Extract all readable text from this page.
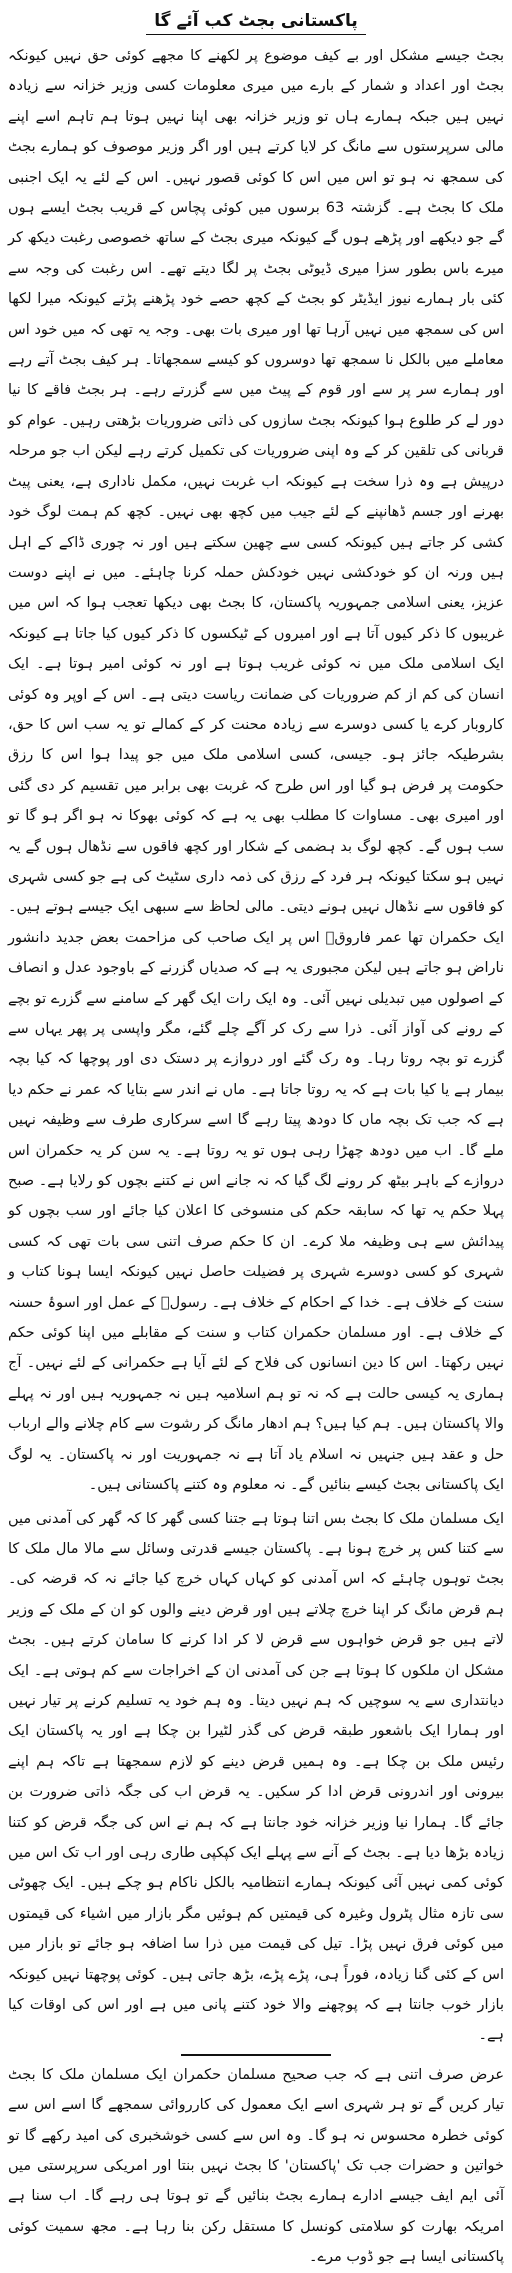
پاکستانی بجٹ کب آئے گا

بجٹ جیسے مشکل اور بے کیف موضوع پر لکھنے کا مجھے کوئی حق نہیں کیونکہ بجٹ اور اعداد و شمار کے بارے میں میری معلومات کسی وزیر خزانہ سے زیادہ نہیں ہیں جبکہ ہمارے ہاں تو وزیر خزانہ بھی اپنا نہیں ہوتا ہم تاہم اسے اپنے مالی سرپرستوں سے مانگ کر لایا کرتے ہیں اور اگر وزیر موصوف کو ہمارے بجٹ کی سمجھ نہ ہو تو اس میں اس کا کوئی قصور نہیں۔ اس کے لئے یہ ایک اجنبی ملک کا بجٹ ہے۔ گزشتہ 63 برسوں میں کوئی پچاس کے قریب بجٹ ایسے ہوں گے جو دیکھے اور پڑھے ہوں گے کیونکہ میری بجٹ کے ساتھ خصوصی رغبت دیکھ کر میرے باس بطور سزا میری ڈیوٹی بجٹ پر لگا دیتے تھے۔ اس رغبت کی وجہ سے کئی بار ہمارے نیوز ایڈیٹر کو بجٹ کے کچھ حصے خود پڑھنے پڑتے کیونکہ میرا لکھا اس کی سمجھ میں نہیں آرہا تھا اور میری بات بھی۔ وجہ یہ تھی کہ میں خود اس معاملے میں بالکل نا سمجھ تھا دوسروں کو کیسے سمجھاتا۔ ہر کیف بجٹ آتے رہے اور ہمارے سر پر سے اور قوم کے پیٹ میں سے گزرتے رہے۔ ہر بجٹ فاقے کا نیا دور لے کر طلوع ہوا کیونکہ بجٹ سازوں کی ذاتی ضروریات بڑھتی رہیں۔ عوام کو قربانی کی تلقین کر کے وہ اپنی ضروریات کی تکمیل کرتے رہے لیکن اب جو مرحلہ درپیش ہے وہ ذرا سخت ہے کیونکہ اب غربت نہیں، مکمل ناداری ہے، یعنی پیٹ بھرنے اور جسم ڈھانپنے کے لئے جیب میں کچھ بھی نہیں۔ کچھ کم ہمت لوگ خود کشی کر جاتے ہیں کیونکہ کسی سے چھین سکتے ہیں اور نہ چوری ڈاکے کے اہل ہیں ورنہ ان کو خودکشی نہیں خودکش حملہ کرنا چاہئے۔ میں نے اپنے دوست عزیز، یعنی اسلامی جمہوریہ پاکستان، کا بجٹ بھی دیکھا تعجب ہوا کہ اس میں غریبوں کا ذکر کیوں آتا ہے اور امیروں کے ٹیکسوں کا ذکر کیوں کیا جاتا ہے کیونکہ ایک اسلامی ملک میں نہ کوئی غریب ہوتا ہے اور نہ کوئی امیر ہوتا ہے۔ ایک انسان کی کم از کم ضروریات کی ضمانت ریاست دیتی ہے۔ اس کے اوپر وہ کوئی کاروبار کرے یا کسی دوسرے سے زیادہ محنت کر کے کمالے تو یہ سب اس کا حق، بشرطیکہ جائز ہو۔ جیسی، کسی اسلامی ملک میں جو پیدا ہوا اس کا رزق حکومت پر فرض ہو گیا اور اس طرح کہ غربت بھی برابر میں تقسیم کر دی گئی اور امیری بھی۔ مساوات کا مطلب بھی یہ ہے کہ کوئی بھوکا نہ ہو اگر ہو گا تو سب ہوں گے۔ کچھ لوگ بد ہضمی کے شکار اور کچھ فاقوں سے نڈھال ہوں گے یہ نہیں ہو سکتا کیونکہ ہر فرد کے رزق کی ذمہ داری سٹیٹ کی ہے جو کسی شہری کو فاقوں سے نڈھال نہیں ہونے دیتی۔ مالی لحاظ سے سبھی ایک جیسے ہوتے ہیں۔ ایک حکمران تھا عمر فاروقؓ اس پر ایک صاحب کی مزاحمت بعض جدید دانشور ناراض ہو جاتے ہیں لیکن مجبوری یہ ہے کہ صدیاں گزرنے کے باوجود عدل و انصاف کے اصولوں میں تبدیلی نہیں آئی۔ وہ ایک رات ایک گھر کے سامنے سے گزرے تو بچے کے رونے کی آواز آئی۔ ذرا سے رک کر آگے چلے گئے، مگر واپسی پر پھر یہاں سے گزرے تو بچہ روتا رہا۔ وہ رک گئے اور دروازے پر دستک دی اور پوچھا کہ کیا بچہ بیمار ہے یا کیا بات ہے کہ یہ روتا جاتا ہے۔ ماں نے اندر سے بتایا کہ عمر نے حکم دیا ہے کہ جب تک بچہ ماں کا دودھ پیتا رہے گا اسے سرکاری طرف سے وظیفہ نہیں ملے گا۔ اب میں دودھ چھڑا رہی ہوں تو یہ روتا ہے۔ یہ سن کر یہ حکمران اس دروازے کے باہر بیٹھ کر رونے لگ گیا کہ نہ جانے اس نے کتنے بچوں کو رلایا ہے۔ صبح پہلا حکم یہ تھا کہ سابقہ حکم کی منسوخی کا اعلان کیا جائے اور سب بچوں کو پیدائش سے ہی وظیفہ ملا کرے۔ ان کا حکم صرف اتنی سی بات تھی کہ کسی شہری کو کسی دوسرے شہری پر فضیلت حاصل نہیں کیونکہ ایسا ہونا کتاب و سنت کے خلاف ہے۔ خدا کے احکام کے خلاف ہے۔ رسولؐ کے عمل اور اسوۂ حسنہ کے خلاف ہے۔ اور مسلمان حکمران کتاب و سنت کے مقابلے میں اپنا کوئی حکم نہیں رکھتا۔ اس کا دین انسانوں کی فلاح کے لئے آیا ہے حکمرانی کے لئے نہیں۔ آج ہماری یہ کیسی حالت ہے کہ نہ تو ہم اسلامیہ ہیں نہ جمہوریہ ہیں اور نہ پہلے والا پاکستان ہیں۔ ہم کیا ہیں؟ ہم ادھار مانگ کر رشوت سے کام چلانے والے ارباب حل و عقد ہیں جنہیں نہ اسلام یاد آتا ہے نہ جمہوریت اور نہ پاکستان۔ یہ لوگ ایک پاکستانی بجٹ کیسے بنائیں گے۔ نہ معلوم وہ کتنے پاکستانی ہیں۔

ایک مسلمان ملک کا بجٹ بس اتنا ہوتا ہے جتنا کسی گھر کا کہ گھر کی آمدنی میں سے کتنا کس پر خرچ ہونا ہے۔ پاکستان جیسے قدرتی وسائل سے مالا مال ملک کا بجٹ توہوں چاہئے کہ اس آمدنی کو کہاں کہاں خرچ کیا جائے نہ کہ قرضہ کی۔ ہم قرض مانگ کر اپنا خرچ چلاتے ہیں اور قرض دینے والوں کو ان کے ملک کے وزیر لاتے ہیں جو قرض خواہوں سے قرض لا کر ادا کرنے کا سامان کرتے ہیں۔ بجٹ مشکل ان ملکوں کا ہوتا ہے جن کی آمدنی ان کے اخراجات سے کم ہوتی ہے۔ ایک دیانتداری سے یہ سوچیں کہ ہم نہیں دیتا۔ وہ ہم خود یہ تسلیم کرنے پر تیار نہیں اور ہمارا ایک باشعور طبقہ قرض کی گذر لٹیرا بن چکا ہے اور یہ پاکستان ایک رئیس ملک بن چکا ہے۔ وہ ہمیں قرض دینے کو لازم سمجھتا ہے تاکہ ہم اپنے بیرونی اور اندرونی قرض ادا کر سکیں۔ یہ قرض اب کی جگہ ذاتی ضرورت بن جائے گا۔ ہمارا نیا وزیر خزانہ خود جانتا ہے کہ ہم نے اس کی جگہ قرض کو کتنا زیادہ بڑھا دیا ہے۔ بجٹ کے آنے سے پہلے ایک کپکپی طاری رہی اور اب تک اس میں کوئی کمی نہیں آئی کیونکہ ہمارے انتظامیہ بالکل ناکام ہو چکے ہیں۔ ایک چھوٹی سی تازہ مثال پٹرول وغیرہ کی قیمتیں کم ہوئیں مگر بازار میں اشیاء کی قیمتوں میں کوئی فرق نہیں پڑا۔ تیل کی قیمت میں ذرا سا اضافہ ہو جائے تو بازار میں اس کے کئی گنا زیادہ، فوراً ہی، پڑے پڑے، بڑھ جاتی ہیں۔ کوئی پوچھتا نہیں کیونکہ بازار خوب جانتا ہے کہ پوچھنے والا خود کتنے پانی میں ہے اور اس کی اوقات کیا ہے۔

عرض صرف اتنی ہے کہ جب صحیح مسلمان حکمران ایک مسلمان ملک کا بجٹ تیار کریں گے تو ہر شہری اسے ایک معمول کی کارروائی سمجھے گا اسے اس سے کوئی خطرہ محسوس نہ ہو گا۔ وہ اس سے کسی خوشخبری کی امید رکھے گا تو خواتین و حضرات جب تک 'پاکستان' کا بجٹ نہیں بنتا اور امریکی سرپرستی میں آئی ایم ایف جیسے ادارے ہمارے بجٹ بنائیں گے تو ہوتا ہی رہے گا۔ اب سنا ہے امریکہ بھارت کو سلامتی کونسل کا مستقل رکن بنا رہا ہے۔ مجھ سمیت کوئی پاکستانی ایسا ہے جو ڈوب مرے۔
